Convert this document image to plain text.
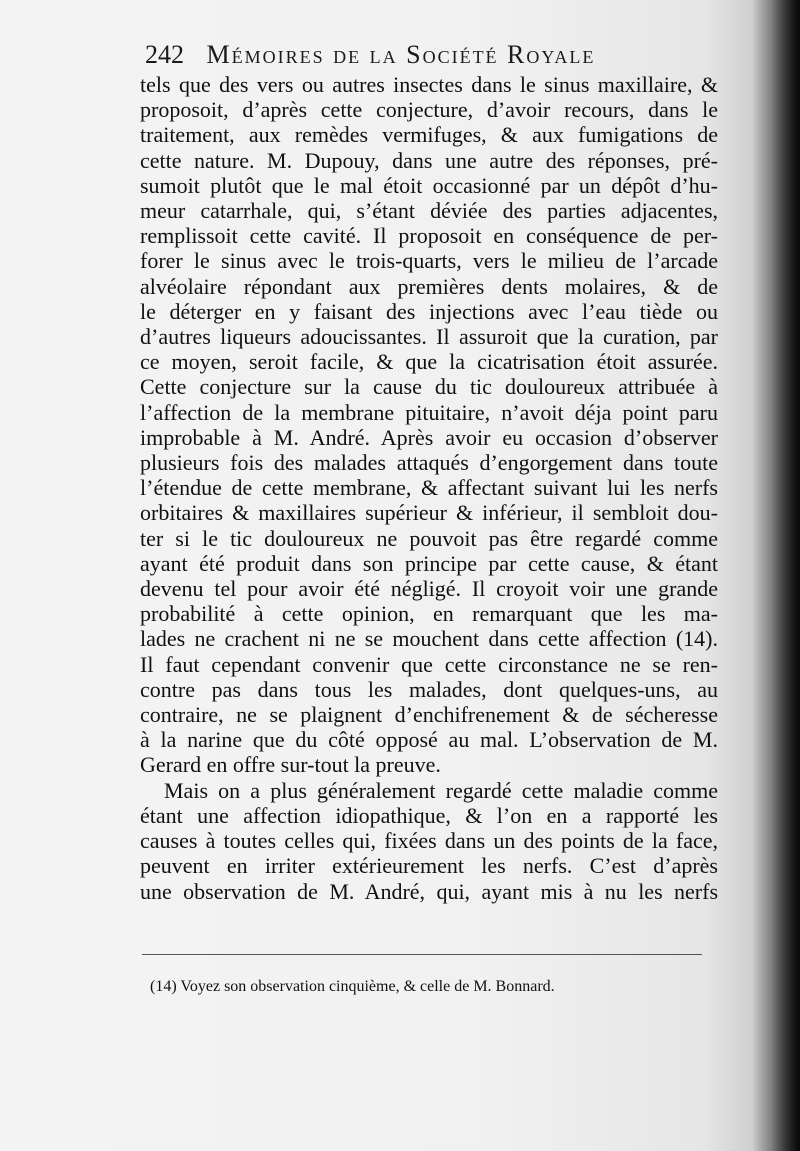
242 Mémoires de la Société Royale
tels que des vers ou autres insectes dans le sinus maxillaire, &
proposoit, d’après cette conjecture, d’avoir recours, dans le
traitement, aux remèdes vermifuges, & aux fumigations de
cette nature. M. Dupouy, dans une autre des réponses, pré-
sumoit plutôt que le mal étoit occasionné par un dépôt d’hu-
meur catarrhale, qui, s’étant déviée des parties adjacentes,
remplissoit cette cavité. Il proposoit en conséquence de per-
forer le sinus avec le trois-quarts, vers le milieu de l’arcade
alvéolaire répondant aux premières dents molaires, & de
le déterger en y faisant des injections avec l’eau tiède ou
d’autres liqueurs adoucissantes. Il assuroit que la curation, par
ce moyen, seroit facile, & que la cicatrisation étoit assurée.
Cette conjecture sur la cause du tic douloureux attribuée à
l’affection de la membrane pituitaire, n’avoit déja point paru
improbable à M. André. Après avoir eu occasion d’observer
plusieurs fois des malades attaqués d’engorgement dans toute
l’étendue de cette membrane, & affectant suivant lui les nerfs
orbitaires & maxillaires supérieur & inférieur, il sembloit dou-
ter si le tic douloureux ne pouvoit pas être regardé comme
ayant été produit dans son principe par cette cause, & étant
devenu tel pour avoir été négligé. Il croyoit voir une grande
probabilité à cette opinion, en remarquant que les ma-
lades ne crachent ni ne se mouchent dans cette affection (14).
Il faut cependant convenir que cette circonstance ne se ren-
contre pas dans tous les malades, dont quelques-uns, au
contraire, ne se plaignent d’enchifrenement & de sécheresse
à la narine que du côté opposé au mal. L’observation de M.
Gerard en offre sur-tout la preuve.
Mais on a plus généralement regardé cette maladie comme
étant une affection idiopathique, & l’on en a rapporté les
causes à toutes celles qui, fixées dans un des points de la face,
peuvent en irriter extérieurement les nerfs. C’est d’après
une observation de M. André, qui, ayant mis à nu les nerfs
(14) Voyez son observation cinquième, & celle de M. Bonnard.
